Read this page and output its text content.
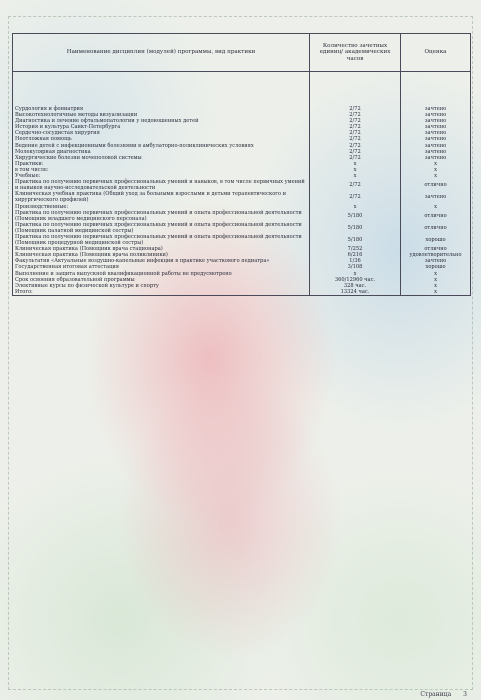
Наименование дисциплин (модулей) программы, вид практики	Количество зачетных единиц/ академических часов	Оценка

Сурдология и фониатрия	2/72	зачтено
Высокотехнологичные методы визуализации	2/72	зачтено
Диагностика и лечение офтальмопатологии у недоношенных детей	2/72	зачтено
История и культура Санкт-Петербурга	2/72	зачтено
Сердечно-сосудистая хирургия	2/72	зачтено
Неотложная помощь	2/72	зачтено
Ведение детей с инфекционными болезнями в амбулаторно-поликлинических условиях	2/72	зачтено
Молекулярная диагностика	2/72	зачтено
Хирургические болезни мочеполовой системы	2/72	зачтено
Практики:	x	x
в том числе:	x	x
Учебные:	x	x
Практика по получению первичных профессиональных умений и навыков, в том числе первичных умений и навыков научно-исследовательской деятельности	2/72	отлично
Клиническая учебная практика (Общий уход за больными взрослыми и детьми терапевтического и хирургического профилей)	2/72	зачтено
Производственные:	x	x
Практика по получению первичных профессиональных умений и опыта профессиональной деятельности (Помощник младшего медицинского персонала)	5/180	отлично
Практика по получению первичных профессиональных умений и опыта профессиональной деятельности (Помощник палатной медицинской сестры)	5/180	отлично
Практика по получению первичных профессиональных умений и опыта профессиональной деятельности (Помощник процедурной медицинской сестры)	5/180	хорошо
Клиническая практика (Помощник врача стационара)	7/252	отлично
Клиническая практика (Помощник врача поликлиники)	6/216	удовлетворительно
Факультатив «Актуальные воздушно-капельные инфекции в практике участкового педиатра»	1/36	зачтено
Государственная итоговая аттестация	3/108	хорошо
Выполнение и защита выпускной квалификационной работы не предусмотрено	x	x
Срок освоения образовательной программы	360/12960 час.	x
Элективные курсы по физической культуре и спорту	328 час.	x
Итого:	13324 час.	x
Страница 3
